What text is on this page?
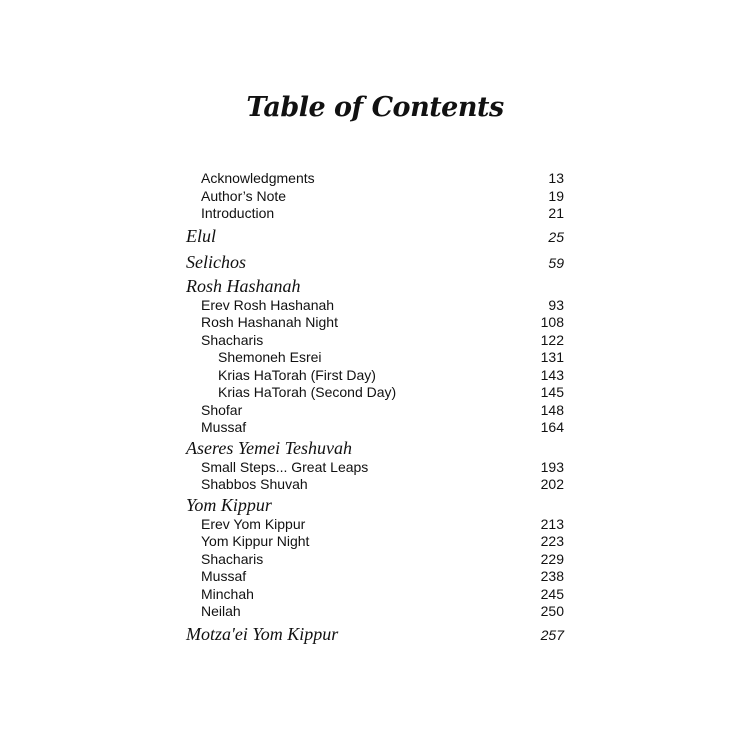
Table of Contents
Acknowledgments	13
Author’s Note	19
Introduction	21
Elul	25
Selichos	59
Rosh Hashanah
Erev Rosh Hashanah	93
Rosh Hashanah Night	108
Shacharis	122
Shemoneh Esrei	131
Krias HaTorah (First Day)	143
Krias HaTorah (Second Day)	145
Shofar	148
Mussaf	164
Aseres Yemei Teshuvah
Small Steps... Great Leaps	193
Shabbos Shuvah	202
Yom Kippur
Erev Yom Kippur	213
Yom Kippur Night	223
Shacharis	229
Mussaf	238
Minchah	245
Neilah	250
Motza'ei Yom Kippur	257
